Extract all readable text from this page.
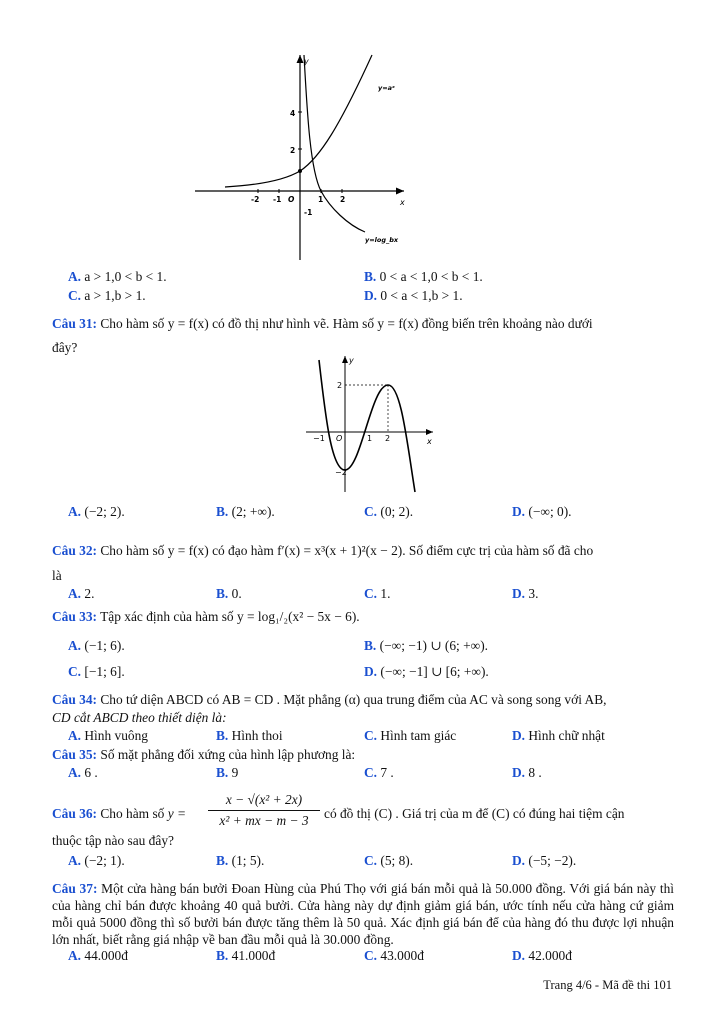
y
x
O
-2 -1	1 2
4
2
-1
y=aˣ
y=log_bx
A. a > 1,0 < b < 1.	B. 0 < a < 1,0 < b < 1.
C. a > 1,b > 1.	D. 0 < a < 1,b > 1.
Câu 31: Cho hàm số y = f(x) có đồ thị như hình vẽ. Hàm số y = f(x) đồng biến trên khoảng nào dưới
đây?
y
x
O
−1	1 2
2
−2
A. (−2; 2).	B. (2; +∞).	C. (0; 2).	D. (−∞; 0).
Câu 32: Cho hàm số y = f(x) có đạo hàm f′(x) = x³(x + 1)²(x − 2). Số điểm cực trị của hàm số đã cho
là
A. 2.	B. 0.	C. 1.	D. 3.
Câu 33: Tập xác định của hàm số y = log₁/₂(x² − 5x − 6).
A. (−1; 6).	B. (−∞; −1) ∪ (6; +∞).
C. [−1; 6].	D. (−∞; −1] ∪ [6; +∞).
Câu 34: Cho tứ diện ABCD có AB = CD . Mặt phẳng (α) qua trung điểm của AC và song song với AB,
CD cắt ABCD theo thiết diện là:
A. Hình vuông	B. Hình thoi	C. Hình tam giác	D. Hình chữ nhật
Câu 35: Số mặt phẳng đối xứng của hình lập phương là:
A. 6 .	B. 9	C. 7 .	D. 8 .
Câu 36: Cho hàm số $y = \frac{\text{x − √(x² + 2x)}}{\text{x² + mx − m − 3}}$ có đồ thị (C) . Giá trị của m để (C) có đúng hai tiệm cận
thuộc tập nào sau đây?
A. (−2; 1).	B. (1; 5).	C. (5; 8).	D. (−5; −2).
Câu 37: Một cửa hàng bán bưởi Đoan Hùng của Phú Thọ với giá bán mỗi quả là 50.000 đồng. Với giá bán này thì của hàng chỉ bán được khoảng 40 quả bưởi. Cửa hàng này dự định giảm giá bán, ước tính nếu cửa hàng cứ giảm mỗi quả 5000 đồng thì số bưởi bán được tăng thêm là 50 quả. Xác định giá bán để của hàng đó thu được lợi nhuận lớn nhất, biết rằng giá nhập về ban đầu mỗi quả là 30.000 đồng.
A. 44.000đ	B. 41.000đ	C. 43.000đ	D. 42.000đ
Trang 4/6 - Mã đề thi 101
